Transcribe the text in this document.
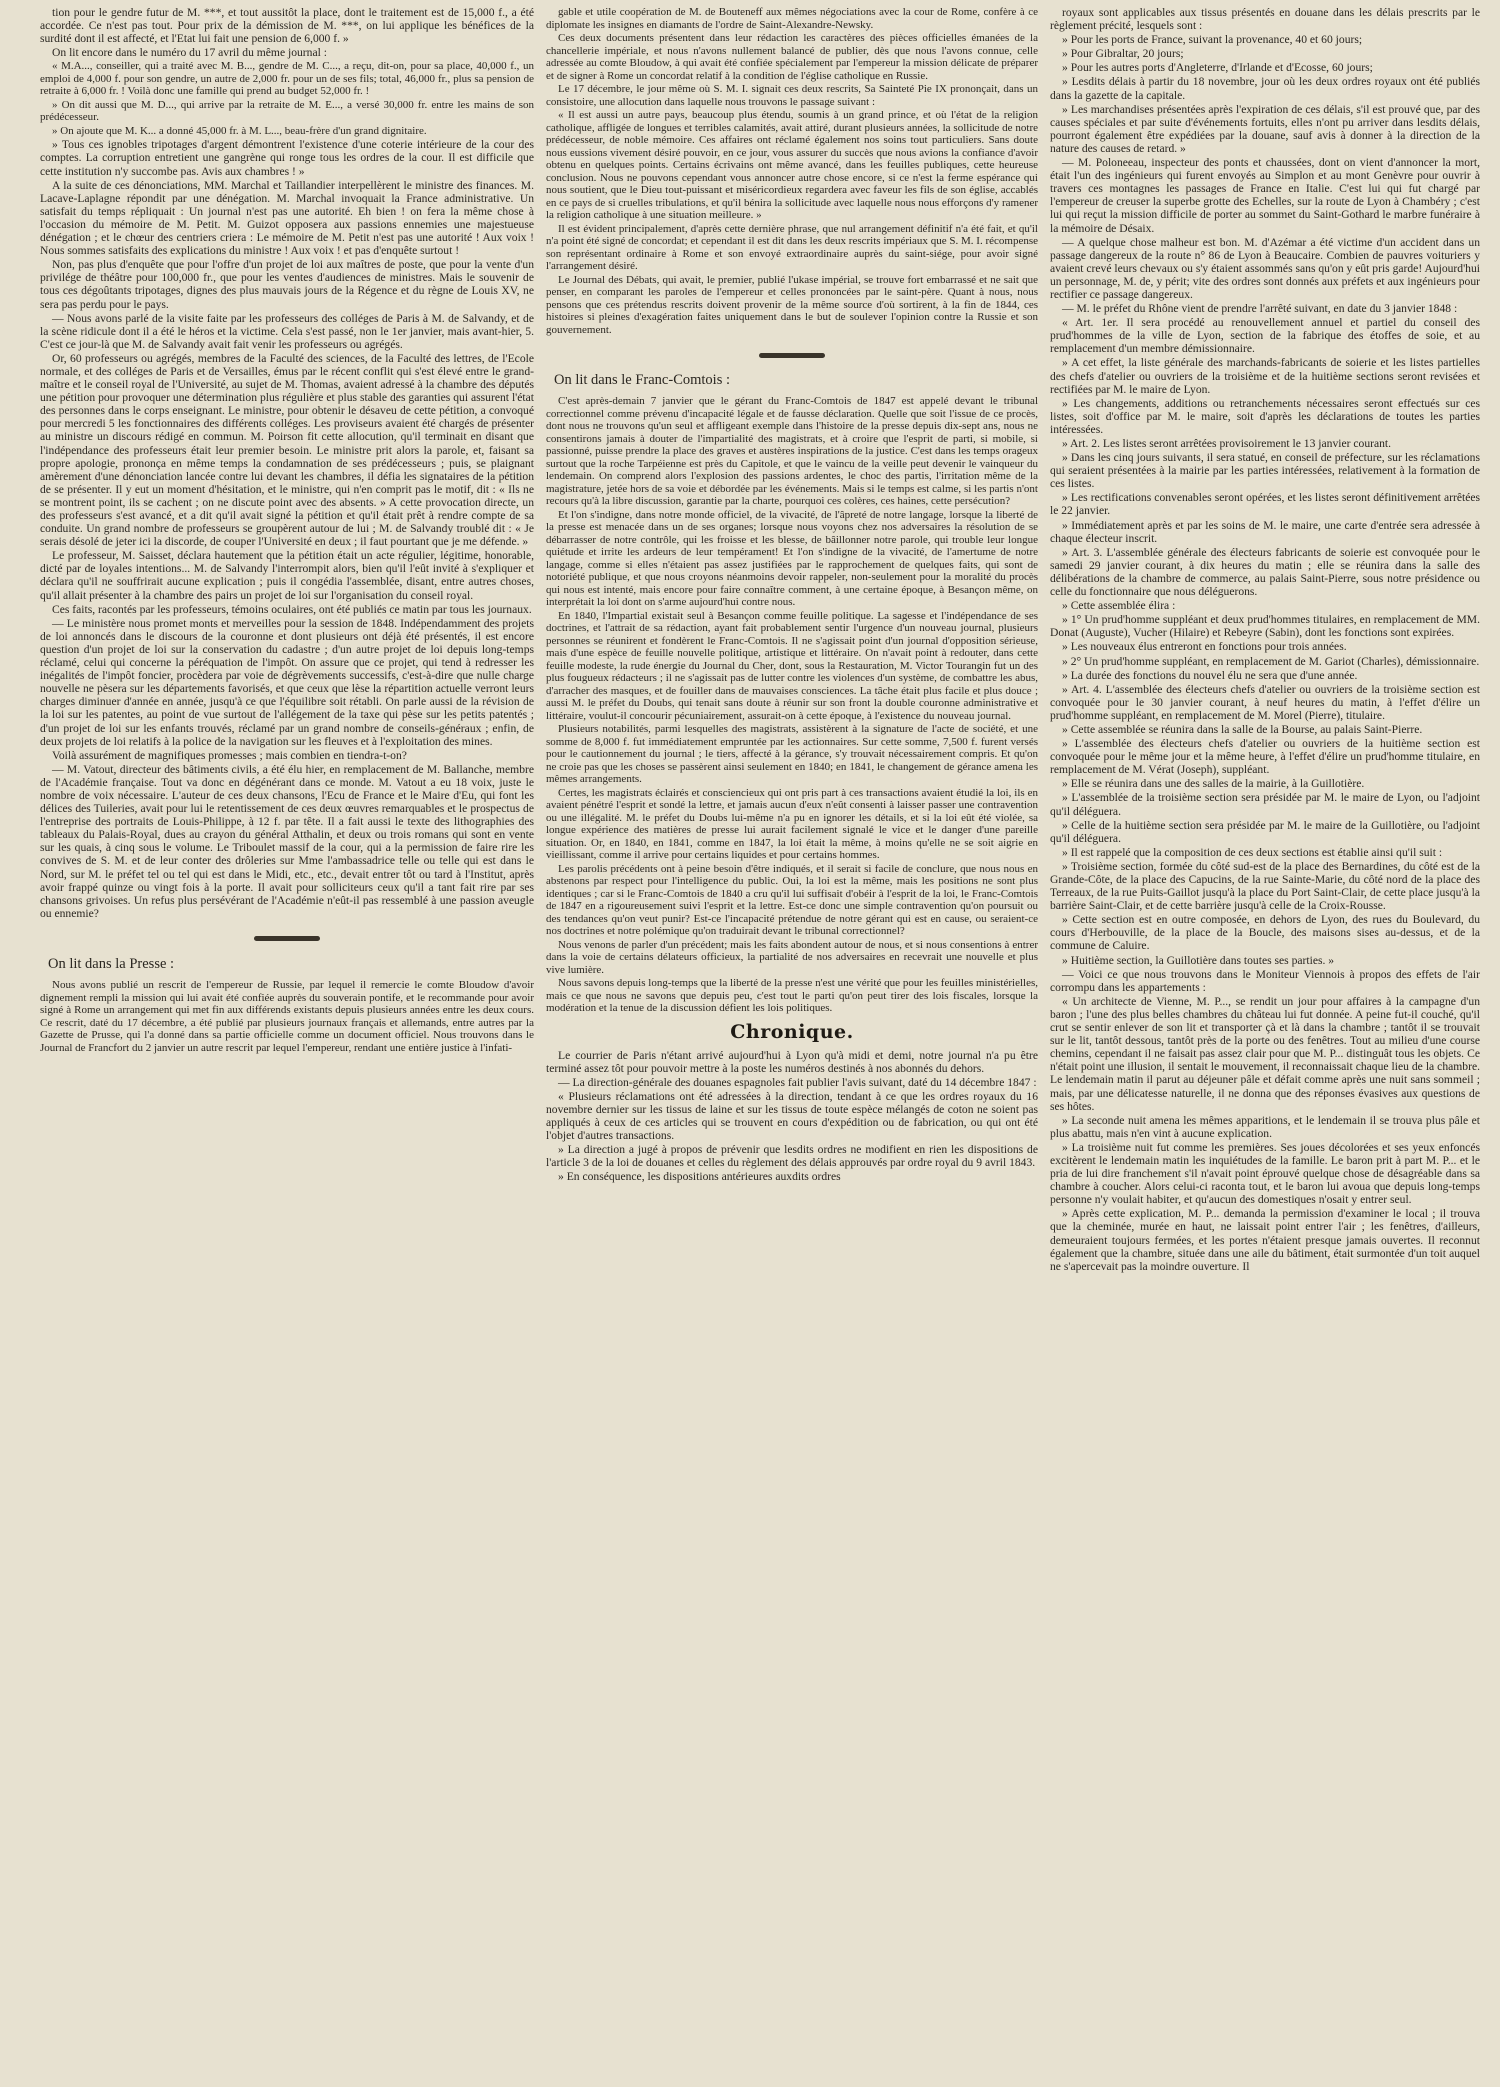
tion pour le gendre futur de M. ***, et tout aussitôt la place, dont le traitement est de 15,000 f., a été accordée. Ce n'est pas tout. Pour prix de la démission de M. ***, on lui applique les bénéfices de la surdité dont il est affecté, et l'Etat lui fait une pension de 6,000 f. »

On lit encore dans le numéro du 17 avril du même journal :

« M.A..., conseiller, qui a traité avec M. B..., gendre de M. C..., a reçu, dit-on, pour sa place, 40,000 f., un emploi de 4,000 f. pour son gendre, un autre de 2,000 fr. pour un de ses fils; total, 46,000 fr., plus sa pension de retraite à 6,000 fr. ! Voilà donc une famille qui prend au budget 52,000 fr. !

» On dit aussi que M. D..., qui arrive par la retraite de M. E..., a versé 30,000 fr. entre les mains de son prédécesseur.

» On ajoute que M. K... a donné 45,000 fr. à M. L..., beau-frère d'un grand dignitaire.

» Tous ces ignobles tripotages d'argent démontrent l'existence d'une coterie intérieure de la cour des comptes. La corruption entretient une gangrène qui ronge tous les ordres de la cour. Il est difficile que cette institution n'y succombe pas. Avis aux chambres ! »

A la suite de ces dénonciations, MM. Marchal et Taillandier interpellèrent le ministre des finances. M. Lacave-Laplagne répondit par une dénégation. M. Marchal invoquait la France administrative. Un satisfait du temps répliquait : Un journal n'est pas une autorité. Eh bien ! on fera la même chose à l'occasion du mémoire de M. Petit. M. Guizot opposera aux passions ennemies une majestueuse dénégation ; et le chœur des centriers criera : Le mémoire de M. Petit n'est pas une autorité ! Aux voix ! Nous sommes satisfaits des explications du ministre ! Aux voix ! et pas d'enquête surtout !

Non, pas plus d'enquête que pour l'offre d'un projet de loi aux maîtres de poste, que pour la vente d'un privilége de théâtre pour 100,000 fr., que pour les ventes d'audiences de ministres. Mais le souvenir de tous ces dégoûtants tripotages, dignes des plus mauvais jours de la Régence et du règne de Louis XV, ne sera pas perdu pour le pays.

— Nous avons parlé de la visite faite par les professeurs des colléges de Paris à M. de Salvandy, et de la scène ridicule dont il a été le héros et la victime. Cela s'est passé, non le 1er janvier, mais avant-hier, 5. C'est ce jour-là que M. de Salvandy avait fait venir les professeurs ou agrégés.

Or, 60 professeurs ou agrégés, membres de la Faculté des sciences, de la Faculté des lettres, de l'Ecole normale, et des colléges de Paris et de Versailles, émus par le récent conflit qui s'est élevé entre le grand-maître et le conseil royal de l'Université, au sujet de M. Thomas, avaient adressé à la chambre des députés une pétition pour provoquer une détermination plus régulière et plus stable des garanties qui assurent l'état des personnes dans le corps enseignant. Le ministre, pour obtenir le désaveu de cette pétition, a convoqué pour mercredi 5 les fonctionnaires des différents colléges. Les proviseurs avaient été chargés de présenter au ministre un discours rédigé en commun. M. Poirson fit cette allocution, qu'il terminait en disant que l'indépendance des professeurs était leur premier besoin. Le ministre prit alors la parole, et, faisant sa propre apologie, prononça en même temps la condamnation de ses prédécesseurs ; puis, se plaignant amèrement d'une dénonciation lancée contre lui devant les chambres, il défia les signataires de la pétition de se présenter. Il y eut un moment d'hésitation, et le ministre, qui n'en comprit pas le motif, dit : « Ils ne se montrent point, ils se cachent ; on ne discute point avec des absents. » A cette provocation directe, un des professeurs s'est avancé, et a dit qu'il avait signé la pétition et qu'il était prêt à rendre compte de sa conduite. Un grand nombre de professeurs se groupèrent autour de lui ; M. de Salvandy troublé dit : « Je serais désolé de jeter ici la discorde, de couper l'Université en deux ; il faut pourtant que je me défende. »

Le professeur, M. Saisset, déclara hautement que la pétition était un acte régulier, légitime, honorable, dicté par de loyales intentions... M. de Salvandy l'interrompit alors, bien qu'il l'eût invité à s'expliquer et déclara qu'il ne souffrirait aucune explication ; puis il congédia l'assemblée, disant, entre autres choses, qu'il allait présenter à la chambre des pairs un projet de loi sur l'organisation du conseil royal.

Ces faits, racontés par les professeurs, témoins oculaires, ont été publiés ce matin par tous les journaux.

— Le ministère nous promet monts et merveilles pour la session de 1848. Indépendamment des projets de loi annoncés dans le discours de la couronne et dont plusieurs ont déjà été présentés, il est encore question d'un projet de loi sur la conservation du cadastre ; d'un autre projet de loi depuis long-temps réclamé, celui qui concerne la péréquation de l'impôt. On assure que ce projet, qui tend à redresser les inégalités de l'impôt foncier, procèdera par voie de dégrèvements successifs, c'est-à-dire que nulle charge nouvelle ne pèsera sur les départements favorisés, et que ceux que lèse la répartition actuelle verront leurs charges diminuer d'année en année, jusqu'à ce que l'équilibre soit rétabli. On parle aussi de la révision de la loi sur les patentes, au point de vue surtout de l'allégement de la taxe qui pèse sur les petits patentés ; d'un projet de loi sur les enfants trouvés, réclamé par un grand nombre de conseils-généraux ; enfin, de deux projets de loi relatifs à la police de la navigation sur les fleuves et à l'exploitation des mines.

Voilà assurément de magnifiques promesses ; mais combien en tiendra-t-on?

— M. Vatout, directeur des bâtiments civils, a été élu hier, en remplacement de M. Ballanche, membre de l'Académie française. Tout va donc en dégénérant dans ce monde. M. Vatout a eu 18 voix, juste le nombre de voix nécessaire. L'auteur de ces deux chansons, l'Ecu de France et le Maire d'Eu, qui font les délices des Tuileries, avait pour lui le retentissement de ces deux œuvres remarquables et le prospectus de l'entreprise des portraits de Louis-Philippe, à 12 f. par tête. Il a fait aussi le texte des lithographies des tableaux du Palais-Royal, dues au crayon du général Atthalin, et deux ou trois romans qui sont en vente sur les quais, à cinq sous le volume. Le Triboulet massif de la cour, qui a la permission de faire rire les convives de S. M. et de leur conter des drôleries sur Mme l'ambassadrice telle ou telle qui est dans le Nord, sur M. le préfet tel ou tel qui est dans le Midi, etc., etc., devait entrer tôt ou tard à l'Institut, après avoir frappé quinze ou vingt fois à la porte. Il avait pour solliciteurs ceux qu'il a tant fait rire par ses chansons grivoises. Un refus plus persévérant de l'Académie n'eût-il pas ressemblé à une passion aveugle ou ennemie?

On lit dans la Presse :

Nous avons publié un rescrit de l'empereur de Russie, par lequel il remercie le comte Bloudow d'avoir dignement rempli la mission qui lui avait été confiée auprès du souverain pontife, et le recommande pour avoir signé à Rome un arrangement qui met fin aux différends existants depuis plusieurs années entre les deux cours. Ce rescrit, daté du 17 décembre, a été publié par plusieurs journaux français et allemands, entre autres par la Gazette de Prusse, qui l'a donné dans sa partie officielle comme un document officiel. Nous trouvons dans le Journal de Francfort du 2 janvier un autre rescrit par lequel l'empereur, rendant une entière justice à l'infati-

gable et utile coopération de M. de Bouteneff aux mêmes négociations avec la cour de Rome, confère à ce diplomate les insignes en diamants de l'ordre de Saint-Alexandre-Newsky.

Ces deux documents présentent dans leur rédaction les caractères des pièces officielles émanées de la chancellerie impériale, et nous n'avons nullement balancé de publier, dès que nous l'avons connue, celle adressée au comte Bloudow, à qui avait été confiée spécialement par l'empereur la mission délicate de préparer et de signer à Rome un concordat relatif à la condition de l'église catholique en Russie.

Le 17 décembre, le jour même où S. M. I. signait ces deux rescrits, Sa Sainteté Pie IX prononçait, dans un consistoire, une allocution dans laquelle nous trouvons le passage suivant :

« Il est aussi un autre pays, beaucoup plus étendu, soumis à un grand prince, et où l'état de la religion catholique, affligée de longues et terribles calamités, avait attiré, durant plusieurs années, la sollicitude de notre prédécesseur, de noble mémoire. Ces affaires ont réclamé également nos soins tout particuliers. Sans doute nous eussions vivement désiré pouvoir, en ce jour, vous assurer du succès que nous avions la confiance d'avoir obtenu en quelques points. Certains écrivains ont même avancé, dans les feuilles publiques, cette heureuse conclusion. Nous ne pouvons cependant vous annoncer autre chose encore, si ce n'est la ferme espérance qui nous soutient, que le Dieu tout-puissant et miséricordieux regardera avec faveur les fils de son église, accablés en ce pays de si cruelles tribulations, et qu'il bénira la sollicitude avec laquelle nous nous efforçons d'y ramener la religion catholique à une situation meilleure. »

Il est évident principalement, d'après cette dernière phrase, que nul arrangement définitif n'a été fait, et qu'il n'a point été signé de concordat; et cependant il est dit dans les deux rescrits impériaux que S. M. I. récompense son représentant ordinaire à Rome et son envoyé extraordinaire auprès du saint-siége, pour avoir signé l'arrangement désiré.

Le Journal des Débats, qui avait, le premier, publié l'ukase impérial, se trouve fort embarrassé et ne sait que penser, en comparant les paroles de l'empereur et celles prononcées par le saint-père. Quant à nous, nous pensons que ces prétendus rescrits doivent provenir de la même source d'où sortirent, à la fin de 1844, ces histoires si pleines d'exagération faites uniquement dans le but de soulever l'opinion contre la Russie et son gouvernement.

On lit dans le Franc-Comtois :

C'est après-demain 7 janvier que le gérant du Franc-Comtois de 1847 est appelé devant le tribunal correctionnel comme prévenu d'incapacité légale et de fausse déclaration. Quelle que soit l'issue de ce procès, dont nous ne trouvons qu'un seul et affligeant exemple dans l'histoire de la presse depuis dix-sept ans, nous ne consentirons jamais à douter de l'impartialité des magistrats, et à croire que l'esprit de parti, si mobile, si passionné, puisse prendre la place des graves et austères inspirations de la justice. C'est dans les temps orageux surtout que la roche Tarpéienne est près du Capitole, et que le vaincu de la veille peut devenir le vainqueur du lendemain. On comprend alors l'explosion des passions ardentes, le choc des partis, l'irritation même de la magistrature, jetée hors de sa voie et débordée par les événements. Mais si le temps est calme, si les partis n'ont recours qu'à la libre discussion, garantie par la charte, pourquoi ces colères, ces haines, cette persécution?

Et l'on s'indigne, dans notre monde officiel, de la vivacité, de l'âpreté de notre langage, lorsque la liberté de la presse est menacée dans un de ses organes; lorsque nous voyons chez nos adversaires la résolution de se débarrasser de notre contrôle, qui les froisse et les blesse, de bâillonner notre parole, qui trouble leur longue quiétude et irrite les ardeurs de leur tempérament! Et l'on s'indigne de la vivacité, de l'amertume de notre langage, comme si elles n'étaient pas assez justifiées par le rapprochement de quelques faits, qui sont de notoriété publique, et que nous croyons néanmoins devoir rappeler, non-seulement pour la moralité du procès qui nous est intenté, mais encore pour faire connaître comment, à une certaine époque, à Besançon même, on interprétait la loi dont on s'arme aujourd'hui contre nous.

En 1840, l'Impartial existait seul à Besançon comme feuille politique. La sagesse et l'indépendance de ses doctrines, et l'attrait de sa rédaction, ayant fait probablement sentir l'urgence d'un nouveau journal, plusieurs personnes se réunirent et fondèrent le Franc-Comtois. Il ne s'agissait point d'un journal d'opposition sérieuse, mais d'une espèce de feuille nouvelle politique, artistique et littéraire. On n'avait point à redouter, dans cette feuille modeste, la rude énergie du Journal du Cher, dont, sous la Restauration, M. Victor Tourangin fut un des plus fougueux rédacteurs ; il ne s'agissait pas de lutter contre les violences d'un système, de combattre les abus, d'arracher des masques, et de fouiller dans de mauvaises consciences. La tâche était plus facile et plus douce ; aussi M. le préfet du Doubs, qui tenait sans doute à réunir sur son front la double couronne administrative et littéraire, voulut-il concourir pécuniairement, assurait-on à cette époque, à l'existence du nouveau journal.

Plusieurs notabilités, parmi lesquelles des magistrats, assistèrent à la signature de l'acte de société, et une somme de 8,000 f. fut immédiatement empruntée par les actionnaires. Sur cette somme, 7,500 f. furent versés pour le cautionnement du journal ; le tiers, affecté à la gérance, s'y trouvait nécessairement compris. Et qu'on ne croie pas que les choses se passèrent ainsi seulement en 1840; en 1841, le changement de gérance amena les mêmes arrangements.

Certes, les magistrats éclairés et consciencieux qui ont pris part à ces transactions avaient étudié la loi, ils en avaient pénétré l'esprit et sondé la lettre, et jamais aucun d'eux n'eût consenti à laisser passer une contravention ou une illégalité. M. le préfet du Doubs lui-même n'a pu en ignorer les détails, et si la loi eût été violée, sa longue expérience des matières de presse lui aurait facilement signalé le vice et le danger d'une pareille situation. Or, en 1840, en 1841, comme en 1847, la loi était la même, à moins qu'elle ne se soit aigrie en vieillissant, comme il arrive pour certains liquides et pour certains hommes.

Les parolis précédents ont à peine besoin d'être indiqués, et il serait si facile de conclure, que nous nous en abstenons par respect pour l'intelligence du public. Oui, la loi est la même, mais les positions ne sont plus identiques ; car si le Franc-Comtois de 1840 a cru qu'il lui suffisait d'obéir à l'esprit de la loi, le Franc-Comtois de 1847 en a rigoureusement suivi l'esprit et la lettre. Est-ce donc une simple contravention qu'on poursuit ou des tendances qu'on veut punir? Est-ce l'incapacité prétendue de notre gérant qui est en cause, ou seraient-ce nos doctrines et notre polémique qu'on traduirait devant le tribunal correctionnel?

Nous venons de parler d'un précédent; mais les faits abondent autour de nous, et si nous consentions à entrer dans la voie de certains délateurs officieux, la partialité de nos adversaires en recevrait une nouvelle et plus vive lumière.

Nous savons depuis long-temps que la liberté de la presse n'est une vérité que pour les feuilles ministérielles, mais ce que nous ne savons que depuis peu, c'est tout le parti qu'on peut tirer des lois fiscales, lorsque la modération et la tenue de la discussion défient les lois politiques.

Chronique.

Le courrier de Paris n'étant arrivé aujourd'hui à Lyon qu'à midi et demi, notre journal n'a pu être terminé assez tôt pour pouvoir mettre à la poste les numéros destinés à nos abonnés du dehors.

— La direction-générale des douanes espagnoles fait publier l'avis suivant, daté du 14 décembre 1847 :

« Plusieurs réclamations ont été adressées à la direction, tendant à ce que les ordres royaux du 16 novembre dernier sur les tissus de laine et sur les tissus de toute espèce mélangés de coton ne soient pas appliqués à ceux de ces articles qui se trouvent en cours d'expédition ou de fabrication, ou qui ont été l'objet d'autres transactions.

» La direction a jugé à propos de prévenir que lesdits ordres ne modifient en rien les dispositions de l'article 3 de la loi de douanes et celles du règlement des délais approuvés par ordre royal du 9 avril 1843.

» En conséquence, les dispositions antérieures auxdits ordres

royaux sont applicables aux tissus présentés en douane dans les délais prescrits par le règlement précité, lesquels sont :

» Pour les ports de France, suivant la provenance, 40 et 60 jours;

» Pour Gibraltar, 20 jours;

» Pour les autres ports d'Angleterre, d'Irlande et d'Ecosse, 60 jours;

» Lesdits délais à partir du 18 novembre, jour où les deux ordres royaux ont été publiés dans la gazette de la capitale.

» Les marchandises présentées après l'expiration de ces délais, s'il est prouvé que, par des causes spéciales et par suite d'événements fortuits, elles n'ont pu arriver dans lesdits délais, pourront également être expédiées par la douane, sauf avis à donner à la direction de la nature des causes de retard. »

— M. Poloneeau, inspecteur des ponts et chaussées, dont on vient d'annoncer la mort, était l'un des ingénieurs qui furent envoyés au Simplon et au mont Genèvre pour ouvrir à travers ces montagnes les passages de France en Italie. C'est lui qui fut chargé par l'empereur de creuser la superbe grotte des Echelles, sur la route de Lyon à Chambéry ; c'est lui qui reçut la mission difficile de porter au sommet du Saint-Gothard le marbre funéraire à la mémoire de Désaix.

— A quelque chose malheur est bon. M. d'Azémar a été victime d'un accident dans un passage dangereux de la route n° 86 de Lyon à Beaucaire. Combien de pauvres voituriers y avaient crevé leurs chevaux ou s'y étaient assommés sans qu'on y eût pris garde! Aujourd'hui un personnage, M. de, y périt; vite des ordres sont donnés aux préfets et aux ingénieurs pour rectifier ce passage dangereux.

— M. le préfet du Rhône vient de prendre l'arrêté suivant, en date du 3 janvier 1848 :

« Art. 1er. Il sera procédé au renouvellement annuel et partiel du conseil des prud'hommes de la ville de Lyon, section de la fabrique des étoffes de soie, et au remplacement d'un membre démissionnaire.

» A cet effet, la liste générale des marchands-fabricants de soierie et les listes partielles des chefs d'atelier ou ouvriers de la troisième et de la huitième sections seront revisées et rectifiées par M. le maire de Lyon.

» Les changements, additions ou retranchements nécessaires seront effectués sur ces listes, soit d'office par M. le maire, soit d'après les déclarations de toutes les parties intéressées.

» Art. 2. Les listes seront arrêtées provisoirement le 13 janvier courant.

» Dans les cinq jours suivants, il sera statué, en conseil de préfecture, sur les réclamations qui seraient présentées à la mairie par les parties intéressées, relativement à la formation de ces listes.

» Les rectifications convenables seront opérées, et les listes seront définitivement arrêtées le 22 janvier.

» Immédiatement après et par les soins de M. le maire, une carte d'entrée sera adressée à chaque électeur inscrit.

» Art. 3. L'assemblée générale des électeurs fabricants de soierie est convoquée pour le samedi 29 janvier courant, à dix heures du matin ; elle se réunira dans la salle des délibérations de la chambre de commerce, au palais Saint-Pierre, sous notre présidence ou celle du fonctionnaire que nous déléguerons.

» Cette assemblée élira :

» 1° Un prud'homme suppléant et deux prud'hommes titulaires, en remplacement de MM. Donat (Auguste), Vucher (Hilaire) et Rebeyre (Sabin), dont les fonctions sont expirées.

» Les nouveaux élus entreront en fonctions pour trois années.

» 2° Un prud'homme suppléant, en remplacement de M. Gariot (Charles), démissionnaire.

» La durée des fonctions du nouvel élu ne sera que d'une année.

» Art. 4. L'assemblée des électeurs chefs d'atelier ou ouvriers de la troisième section est convoquée pour le 30 janvier courant, à neuf heures du matin, à l'effet d'élire un prud'homme suppléant, en remplacement de M. Morel (Pierre), titulaire.

» Cette assemblée se réunira dans la salle de la Bourse, au palais Saint-Pierre.

» L'assemblée des électeurs chefs d'atelier ou ouvriers de la huitième section est convoquée pour le même jour et la même heure, à l'effet d'élire un prud'homme titulaire, en remplacement de M. Vérat (Joseph), suppléant.

» Elle se réunira dans une des salles de la mairie, à la Guillotière.

» L'assemblée de la troisième section sera présidée par M. le maire de Lyon, ou l'adjoint qu'il déléguera.

» Celle de la huitième section sera présidée par M. le maire de la Guillotière, ou l'adjoint qu'il déléguera.

» Il est rappelé que la composition de ces deux sections est établie ainsi qu'il suit :

» Troisième section, formée du côté sud-est de la place des Bernardines, du côté est de la Grande-Côte, de la place des Capucins, de la rue Sainte-Marie, du côté nord de la place des Terreaux, de la rue Puits-Gaillot jusqu'à la place du Port Saint-Clair, de cette place jusqu'à la barrière Saint-Clair, et de cette barrière jusqu'à celle de la Croix-Rousse.

» Cette section est en outre composée, en dehors de Lyon, des rues du Boulevard, du cours d'Herbouville, de la place de la Boucle, des maisons sises au-dessus, et de la commune de Caluire.

» Huitième section, la Guillotière dans toutes ses parties. »

— Voici ce que nous trouvons dans le Moniteur Viennois à propos des effets de l'air corrompu dans les appartements :

« Un architecte de Vienne, M. P..., se rendit un jour pour affaires à la campagne d'un baron ; l'une des plus belles chambres du château lui fut donnée. A peine fut-il couché, qu'il crut se sentir enlever de son lit et transporter çà et là dans la chambre ; tantôt il se trouvait sur le lit, tantôt dessous, tantôt près de la porte ou des fenêtres. Tout au milieu d'une course chemins, cependant il ne faisait pas assez clair pour que M. P... distinguât tous les objets. Ce n'était point une illusion, il sentait le mouvement, il reconnaissait chaque lieu de la chambre. Le lendemain matin il parut au déjeuner pâle et défait comme après une nuit sans sommeil ; mais, par une délicatesse naturelle, il ne donna que des réponses évasives aux questions de ses hôtes.

» La seconde nuit amena les mêmes apparitions, et le lendemain il se trouva plus pâle et plus abattu, mais n'en vint à aucune explication.

» La troisième nuit fut comme les premières. Ses joues décolorées et ses yeux enfoncés excitèrent le lendemain matin les inquiétudes de la famille. Le baron prit à part M. P... et le pria de lui dire franchement s'il n'avait point éprouvé quelque chose de désagréable dans sa chambre à coucher. Alors celui-ci raconta tout, et le baron lui avoua que depuis long-temps personne n'y voulait habiter, et qu'aucun des domestiques n'osait y entrer seul.

» Après cette explication, M. P... demanda la permission d'examiner le local ; il trouva que la cheminée, murée en haut, ne laissait point entrer l'air ; les fenêtres, d'ailleurs, demeuraient toujours fermées, et les portes n'étaient presque jamais ouvertes. Il reconnut également que la chambre, située dans une aile du bâtiment, était surmontée d'un toit auquel ne s'apercevait pas la moindre ouverture. Il
